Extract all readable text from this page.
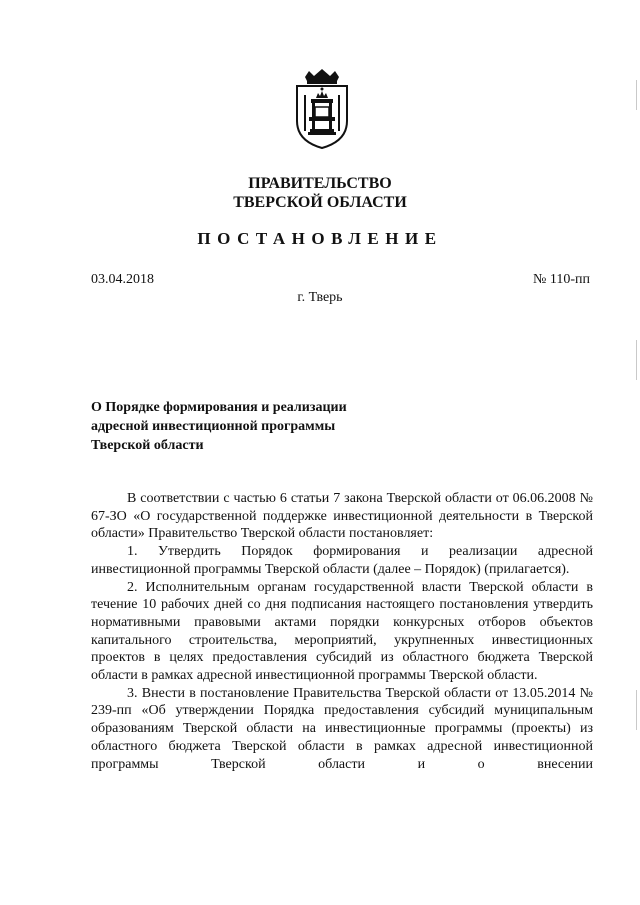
ПРАВИТЕЛЬСТВО
ТВЕРСКОЙ ОБЛАСТИ
ПОСТАНОВЛЕНИЕ
03.04.2018	№ 110-пп
г. Тверь
О Порядке формирования и реализации
адресной инвестиционной программы
Тверской области

В соответствии с частью 6 статьи 7 закона Тверской области от 06.06.2008 № 67-ЗО «О государственной поддержке инвестиционной деятельности в Тверской области» Правительство Тверской области постановляет:

1. Утвердить Порядок формирования и реализации адресной инвестиционной программы Тверской области (далее – Порядок) (прилагается).

2. Исполнительным органам государственной власти Тверской области в течение 10 рабочих дней со дня подписания настоящего постановления утвердить нормативными правовыми актами порядки конкурсных отборов объектов капитального строительства, мероприятий, укрупненных инвестиционных проектов в целях предоставления субсидий из областного бюджета Тверской области в рамках адресной инвестиционной программы Тверской области.

3. Внести в постановление Правительства Тверской области от 13.05.2014 № 239-пп «Об утверждении Порядка предоставления субсидий муниципальным образованиям Тверской области на инвестиционные программы (проекты) из областного бюджета Тверской области в рамках адресной инвестиционной программы Тверской области и о внесении
